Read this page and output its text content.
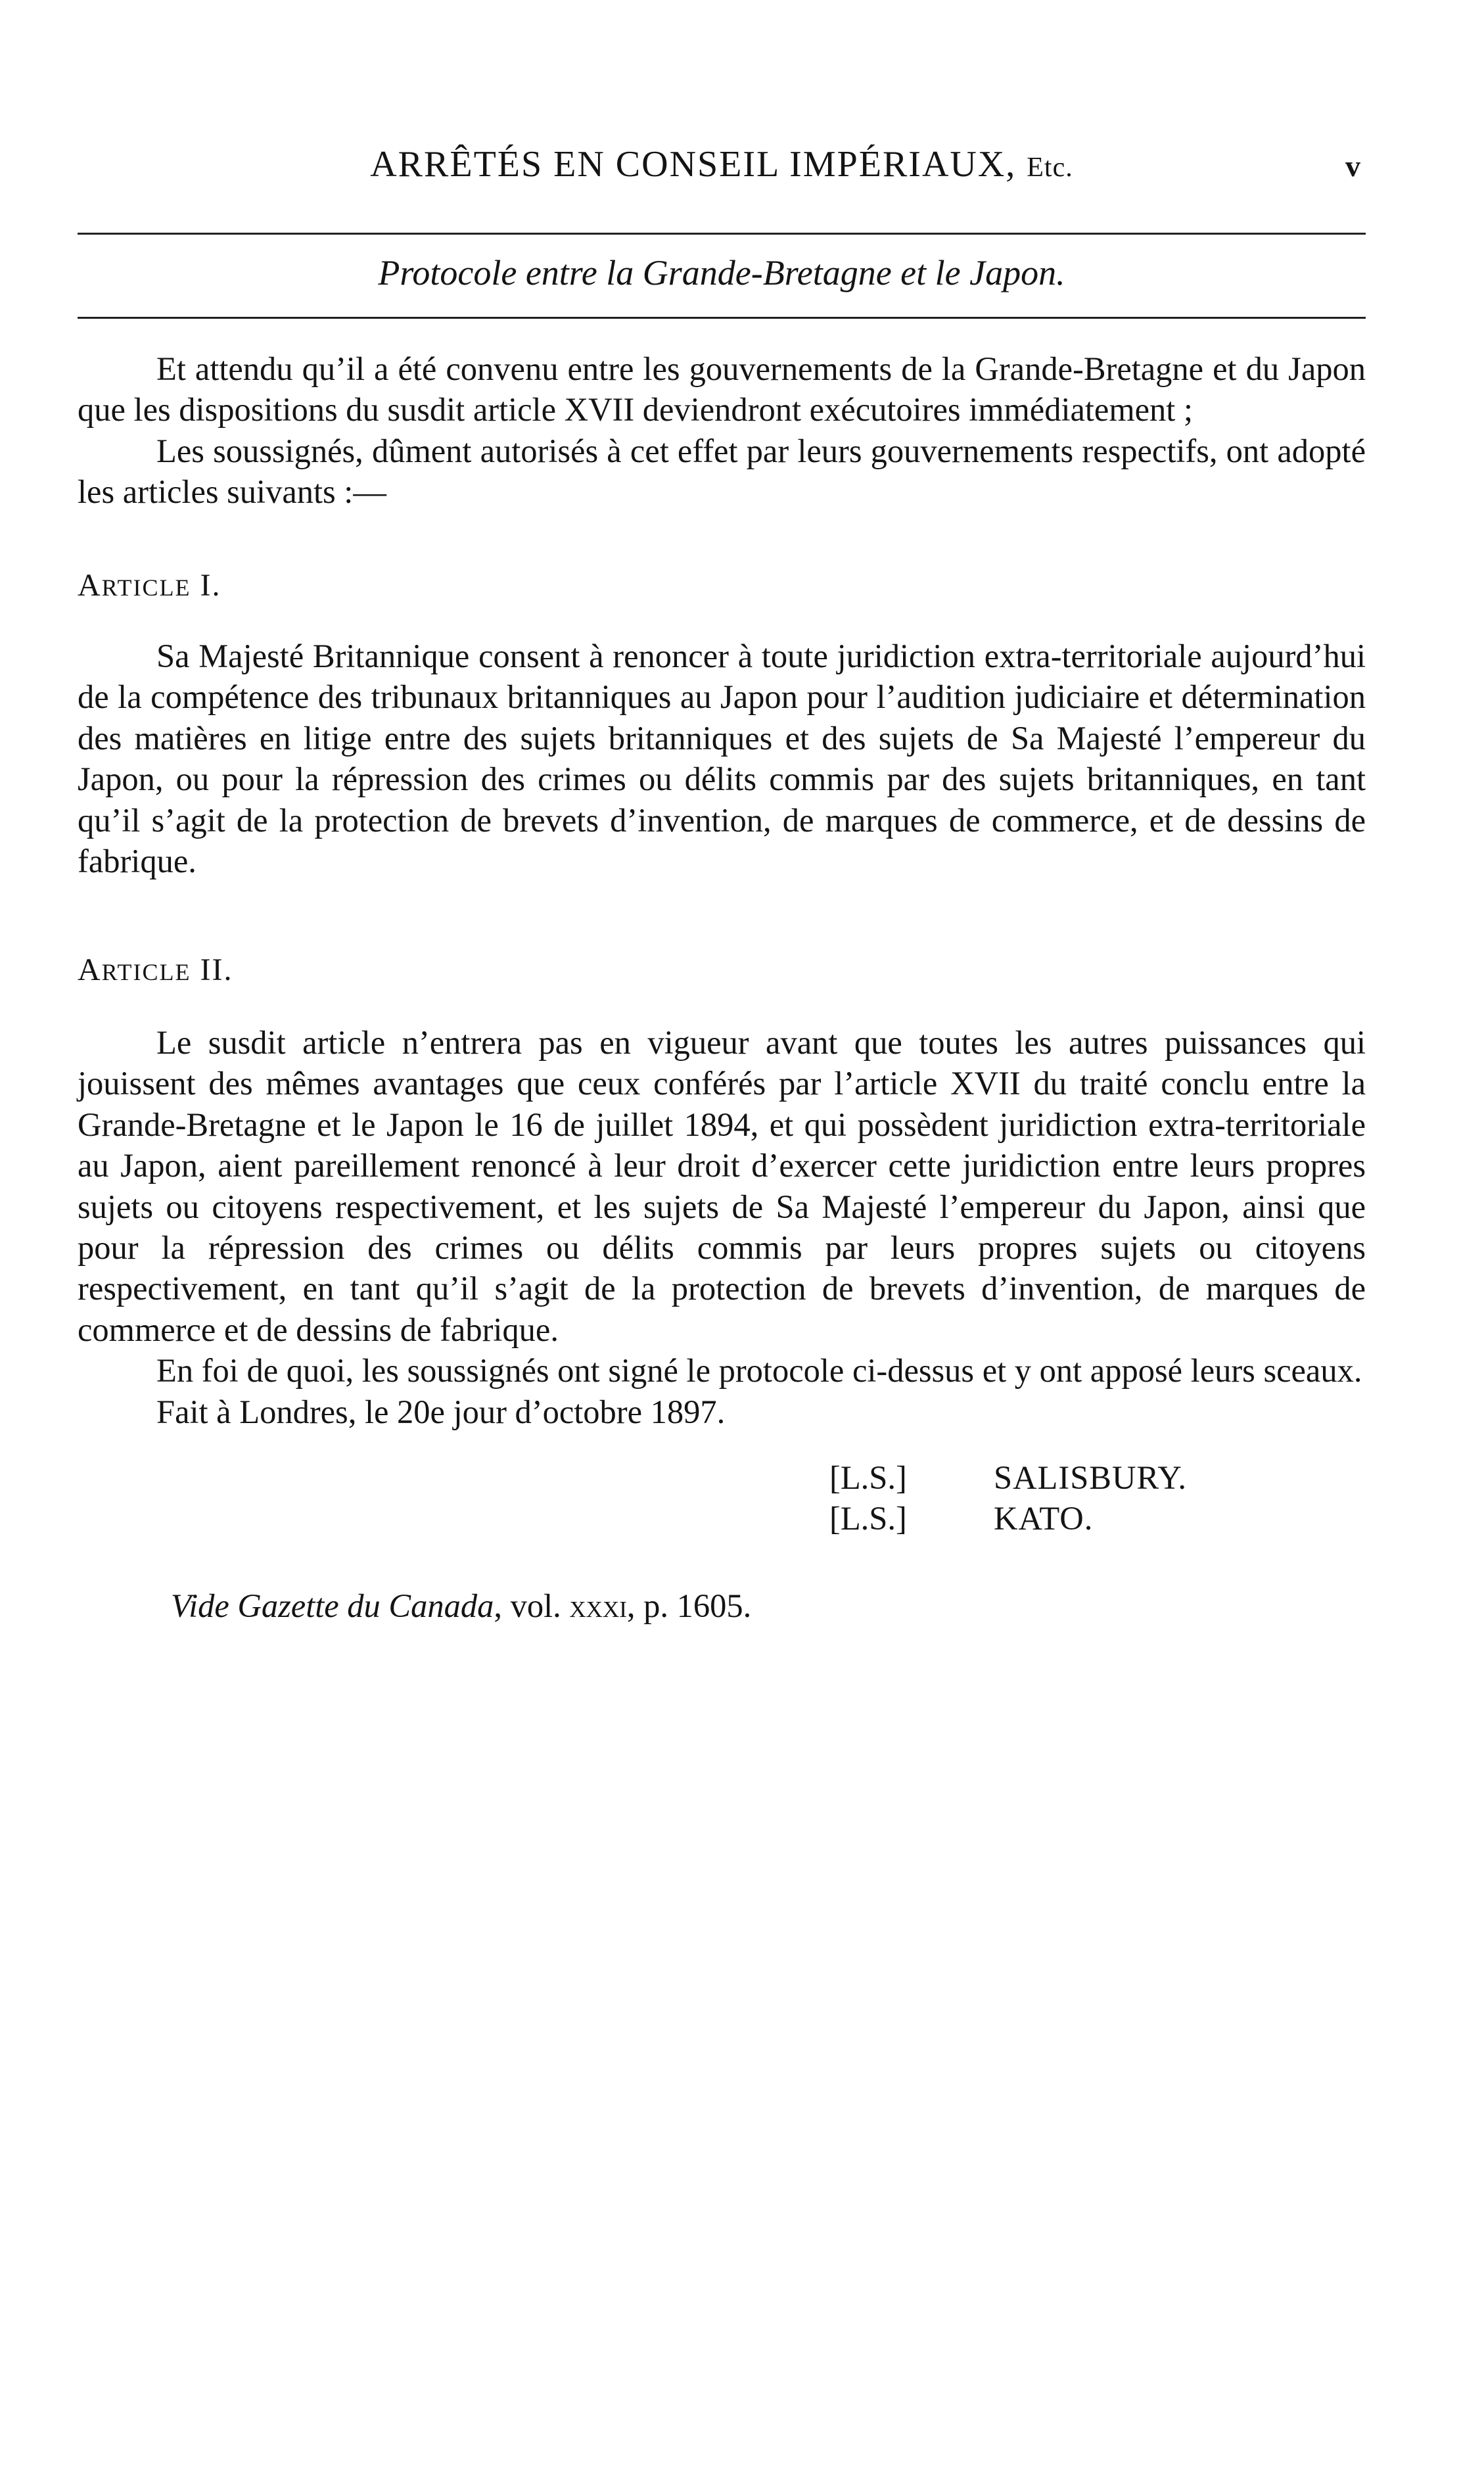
ARRÊTÉS EN CONSEIL IMPÉRIAUX, Etc.	v
Protocole entre la Grande-Bretagne et le Japon.

Et attendu qu’il a été convenu entre les gouvernements de la Grande-Bretagne et du Japon que les dispositions du susdit article XVII deviendront exécutoires immédiatement ;

Les soussignés, dûment autorisés à cet effet par leurs gouvernements respectifs, ont adopté les articles suivants :—

ARTICLE I.

Sa Majesté Britannique consent à renoncer à toute juridiction extra-territoriale aujourd’hui de la compétence des tribunaux britanniques au Japon pour l’audition judiciaire et détermination des matières en litige entre des sujets britanniques et des sujets de Sa Majesté l’empereur du Japon, ou pour la répression des crimes ou délits commis par des sujets britanniques, en tant qu’il s’agit de la protection de brevets d’invention, de marques de commerce, et de dessins de fabrique.

ARTICLE II.

Le susdit article n’entrera pas en vigueur avant que toutes les autres puissances qui jouissent des mêmes avantages que ceux conférés par l’article XVII du traité conclu entre la Grande-Bretagne et le Japon le 16 de juillet 1894, et qui possèdent juridiction extra-territoriale au Japon, aient pareillement renoncé à leur droit d’exercer cette juridiction entre leurs propres sujets ou citoyens respectivement, et les sujets de Sa Majesté l’empereur du Japon, ainsi que pour la répression des crimes ou délits commis par leurs propres sujets ou citoyens respectivement, en tant qu’il s’agit de la protection de brevets d’invention, de marques de commerce et de dessins de fabrique.

En foi de quoi, les soussignés ont signé le protocole ci-dessus et y ont apposé leurs sceaux.

Fait à Londres, le 20e jour d’octobre 1897.

[L.S.]	SALISBURY.
[L.S.]	KATO.
Vide Gazette du Canada, vol. xxxi, p. 1605.
